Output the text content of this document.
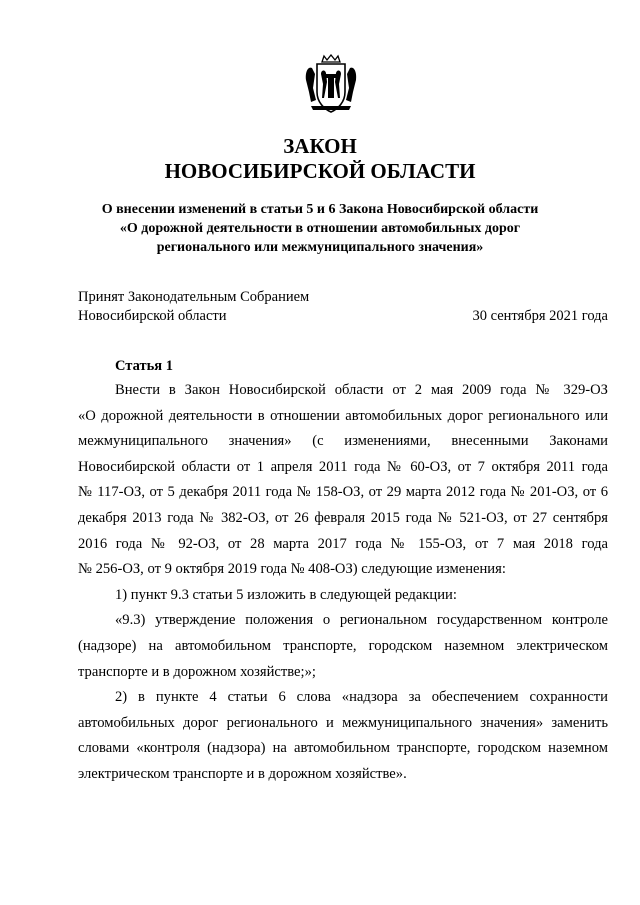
ЗАКОН
НОВОСИБИРСКОЙ ОБЛАСТИ
О внесении изменений в статьи 5 и 6 Закона Новосибирской области
«О дорожной деятельности в отношении автомобильных дорог
регионального или межмуниципального значения»
Принят Законодательным Собранием
Новосибирской области	30 сентября 2021 года
Статья 1
Внести в Закон Новосибирской области от 2 мая 2009 года № 329-ОЗ
«О дорожной деятельности в отношении автомобильных дорог регионального или
межмуниципального значения» (с изменениями, внесенными Законами
Новосибирской области от 1 апреля 2011 года № 60-ОЗ, от 7 октября 2011 года
№ 117-ОЗ, от 5 декабря 2011 года № 158-ОЗ, от 29 марта 2012 года № 201-ОЗ, от 6
декабря 2013 года № 382-ОЗ, от 26 февраля 2015 года № 521-ОЗ, от 27 сентября
2016 года № 92-ОЗ, от 28 марта 2017 года № 155-ОЗ, от 7 мая 2018 года
№ 256-ОЗ, от 9 октября 2019 года № 408-ОЗ) следующие изменения:
1) пункт 9.3 статьи 5 изложить в следующей редакции:
«9.3) утверждение положения о региональном государственном контроле
(надзоре) на автомобильном транспорте, городском наземном электрическом
транспорте и в дорожном хозяйстве;»;
2) в пункте 4 статьи 6 слова «надзора за обеспечением сохранности
автомобильных дорог регионального и межмуниципального значения» заменить
словами «контроля (надзора) на автомобильном транспорте, городском наземном
электрическом транспорте и в дорожном хозяйстве».
